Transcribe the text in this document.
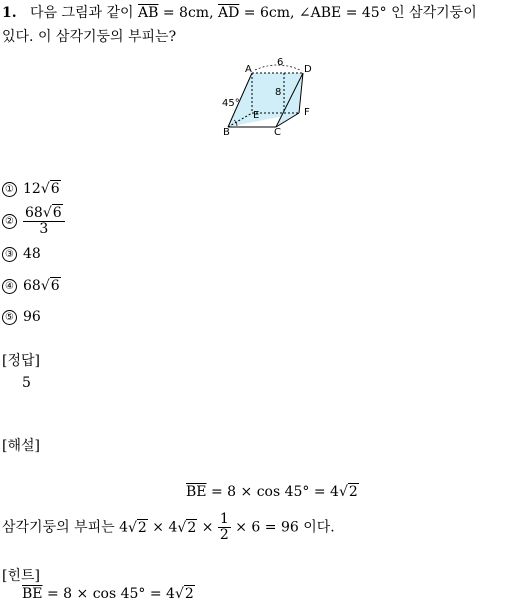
1. 다음 그림과 같이 $\overline{AB} = 8cm$, $\overline{AD} = 6cm$, ∠ABE = 45° 인 삼각기둥이
있다. 이 삼각기둥의 부피는?
A	D
6
8
45°
E	F
B	C
① 12√6
② $\frac{68√6}{3}$
③ 48
④ 68√6
⑤ 96
[정답]
5
[해설]
$\overline{BE} = 8 \times \cos 45^\circ = 4√2$
삼각기둥의 부피는 $4√2 \times 4√2 \times \frac{1}{2} \times 6 = 96$ 이다.
[힌트]
$\overline{BE} = 8 \times \cos 45^\circ = 4√2$
